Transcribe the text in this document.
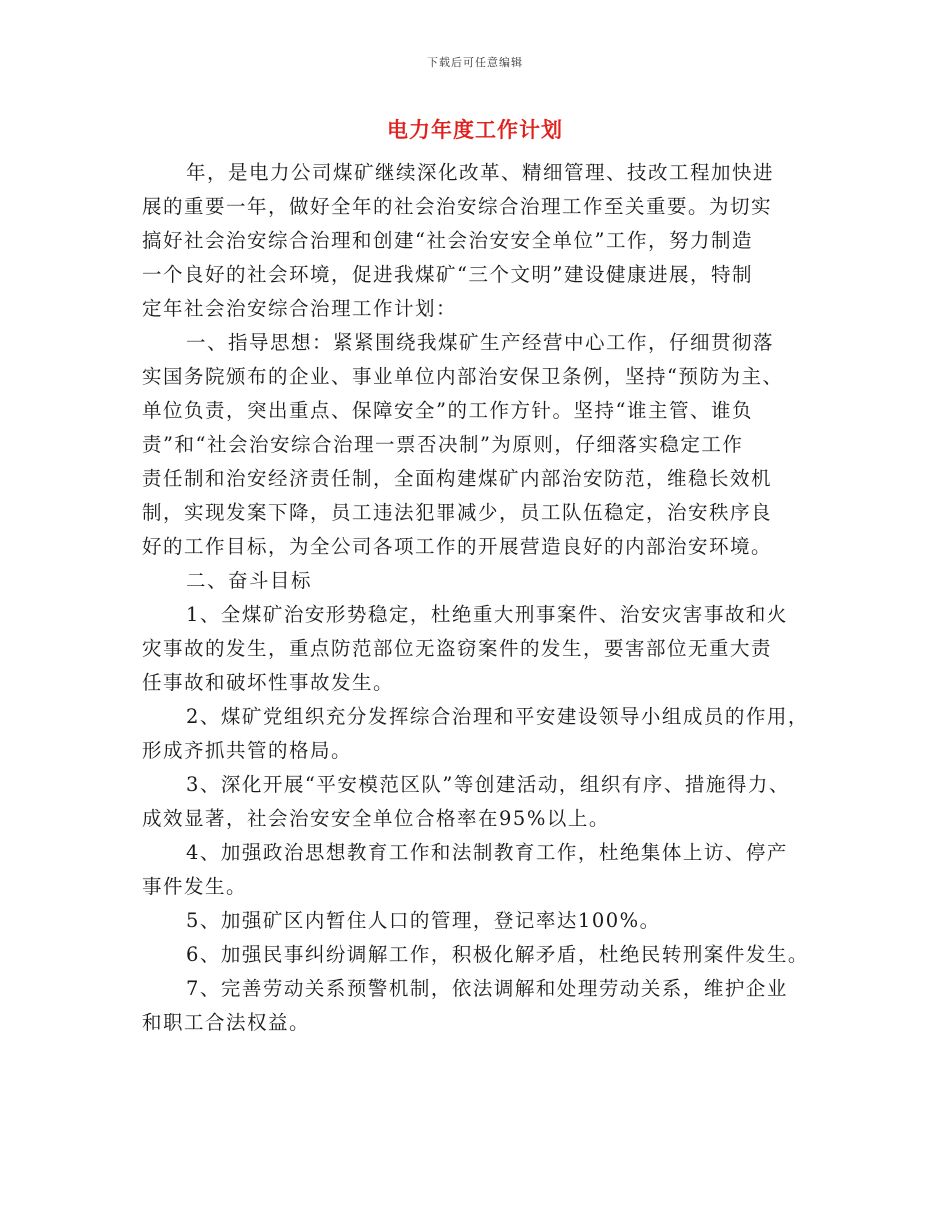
下载后可任意编辑
电力年度工作计划
年，是电力公司煤矿继续深化改革、精细管理、技改工程加快进
展的重要一年，做好全年的社会治安综合治理工作至关重要。为切实
搞好社会治安综合治理和创建“社会治安安全单位”工作，努力制造
一个良好的社会环境，促进我煤矿“三个文明”建设健康进展，特制
定年社会治安综合治理工作计划：
一、指导思想：紧紧围绕我煤矿生产经营中心工作，仔细贯彻落
实国务院颁布的企业、事业单位内部治安保卫条例，坚持“预防为主、
单位负责，突出重点、保障安全”的工作方针。坚持“谁主管、谁负
责”和“社会治安综合治理一票否决制”为原则，仔细落实稳定工作
责任制和治安经济责任制，全面构建煤矿内部治安防范，维稳长效机
制，实现发案下降，员工违法犯罪减少，员工队伍稳定，治安秩序良
好的工作目标，为全公司各项工作的开展营造良好的内部治安环境。
二、奋斗目标
1、全煤矿治安形势稳定，杜绝重大刑事案件、治安灾害事故和火
灾事故的发生，重点防范部位无盗窃案件的发生，要害部位无重大责
任事故和破坏性事故发生。
2、煤矿党组织充分发挥综合治理和平安建设领导小组成员的作用，
形成齐抓共管的格局。
3、深化开展“平安模范区队”等创建活动，组织有序、措施得力、
成效显著，社会治安安全单位合格率在95%以上。
4、加强政治思想教育工作和法制教育工作，杜绝集体上访、停产
事件发生。
5、加强矿区内暂住人口的管理，登记率达100%。
6、加强民事纠纷调解工作，积极化解矛盾，杜绝民转刑案件发生。
7、完善劳动关系预警机制，依法调解和处理劳动关系，维护企业
和职工合法权益。
